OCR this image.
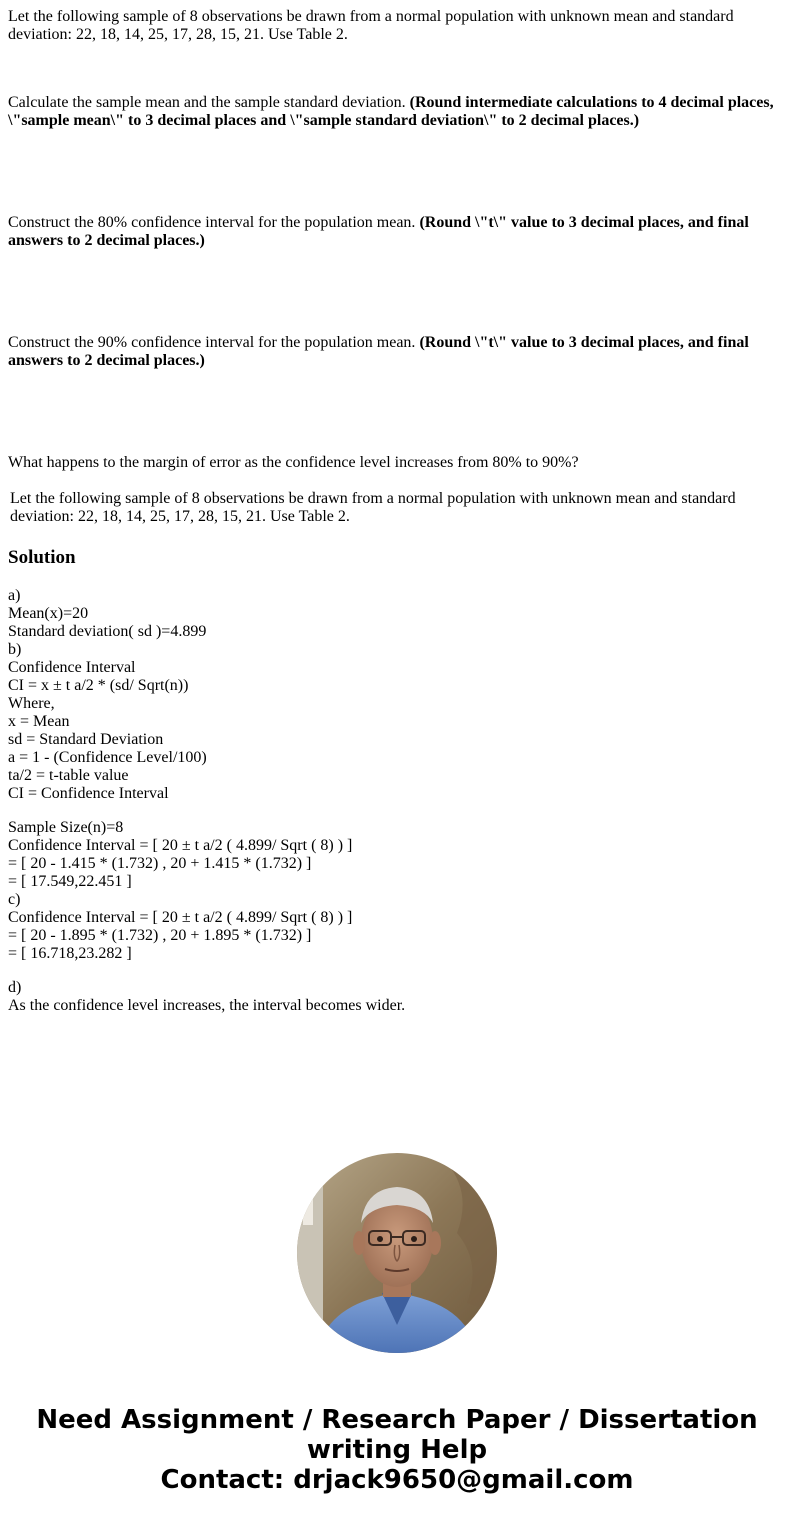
Let the following sample of 8 observations be drawn from a normal population with unknown mean and standard deviation: 22, 18, 14, 25, 17, 28, 15, 21. Use Table 2.

Calculate the sample mean and the sample standard deviation. (Round intermediate calculations to 4 decimal places, \"sample mean\" to 3 decimal places and \"sample standard deviation\" to 2 decimal places.)

Construct the 80% confidence interval for the population mean. (Round \"t\" value to 3 decimal places, and final answers to 2 decimal places.)

Construct the 90% confidence interval for the population mean. (Round \"t\" value to 3 decimal places, and final answers to 2 decimal places.)

What happens to the margin of error as the confidence level increases from 80% to 90%?

Let the following sample of 8 observations be drawn from a normal population with unknown mean and standard deviation: 22, 18, 14, 25, 17, 28, 15, 21. Use Table 2.

Solution
a)
Mean(x)=20
Standard deviation( sd )=4.899
b)
Confidence Interval
CI = x ± t a/2 * (sd/ Sqrt(n))
Where,
x = Mean
sd = Standard Deviation
a = 1 - (Confidence Level/100)
ta/2 = t-table value
CI = Confidence Interval
Sample Size(n)=8
Confidence Interval = [ 20 ± t a/2 ( 4.899/ Sqrt ( 8) ) ]
= [ 20 - 1.415 * (1.732) , 20 + 1.415 * (1.732) ]
= [ 17.549,22.451 ]
c)
Confidence Interval = [ 20 ± t a/2 ( 4.899/ Sqrt ( 8) ) ]
= [ 20 - 1.895 * (1.732) , 20 + 1.895 * (1.732) ]
= [ 16.718,23.282 ]
d)
As the confidence level increases, the interval becomes wider.
Need Assignment / Research Paper / Dissertation
writing Help
Contact: drjack9650@gmail.com
